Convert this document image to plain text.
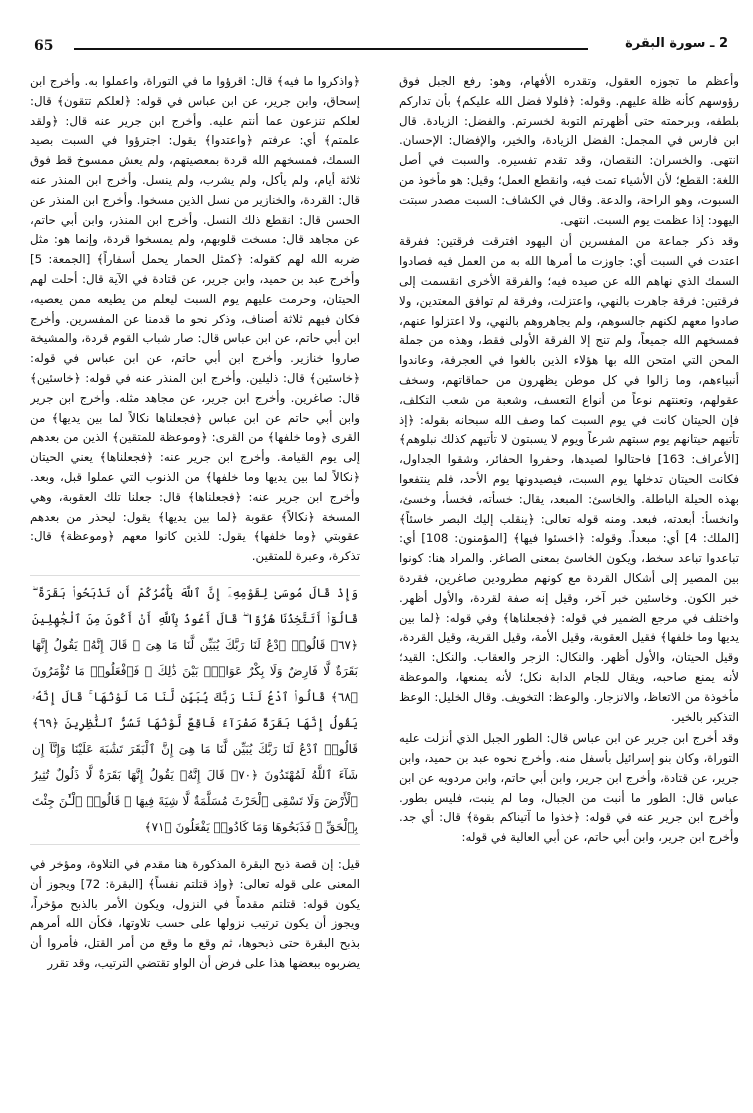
65	2 ـ سورة البقرة

وأعظم ما تجوزه العقول، وتقدره الأفهام، وهو: رفع الجبل فوق رؤوسهم كأنه ظلة عليهم. وقوله: ﴿فلولا فضل الله عليكم﴾ بأن تداركم بلطفه، وبرحمته حتى أظهرتم التوبة لخسرتم. والفضل: الزيادة. قال ابن فارس في المجمل: الفضل الزيادة، والخير، والإفضال: الإحسان. انتهى. والخسران: النقصان، وقد تقدم تفسيره. والسبت في أصل اللغة: القطع؛ لأن الأشياء تمت فيه، وانقطع العمل؛ وقيل: هو مأخوذ من السبوت، وهو الراحة، والدعة. وقال في الكشاف: السبت مصدر سبتت اليهود: إذا عظمت يوم السبت. انتهى.

وقد ذكر جماعة من المفسرين أن اليهود افترقت فرقتين: ففرقة اعتدت في السبت أي: جاوزت ما أمرها الله به من العمل فيه فصادوا السمك الذي نهاهم الله عن صيده فيه؛ والفرقة الأخرى انقسمت إلى فرقتين: فرقة جاهرت بالنهي، واعتزلت، وفرقة لم توافق المعتدين، ولا صادوا معهم لكنهم جالسوهم، ولم يجاهروهم بالنهي، ولا اعتزلوا عنهم، فمسخهم الله جميعاً، ولم تنج إلا الفرقة الأولى فقط، وهذه من جملة المحن التي امتحن الله بها هؤلاء الذين بالغوا في العجرفة، وعاندوا أنبياءهم، وما زالوا في كل موطن يظهرون من حماقاتهم، وسخف عقولهم، وتعنتهم نوعاً من أنواع التعسف، وشعبة من شعب التكلف، فإن الحيتان كانت في يوم السبت كما وصف الله سبحانه بقوله: ﴿إذ تأتيهم حيتانهم يوم سبتهم شرعاً ويوم لا يسبتون لا تأتيهم كذلك نبلوهم﴾ [الأعراف: 163] فاحتالوا لصيدها، وحفروا الحفائر، وشقوا الجداول، فكانت الحيتان تدخلها يوم السبت، فيصيدونها يوم الأحد، فلم ينتفعوا بهذه الحيلة الباطلة. والخاسئ: المبعد، يقال: خسأته، فخسأ، وخسئ، وانخسأ: أبعدته، فبعد. ومنه قوله تعالى: ﴿ينقلب إليك البصر خاسئاً﴾ [الملك: 4] أي: مبعداً. وقوله: ﴿اخسئوا فيها﴾ [المؤمنون: 108] أي: تباعدوا تباعد سخط، ويكون الخاسئ بمعنى الصاغر. والمراد هنا: كونوا بين المصير إلى أشكال القردة مع كونهم مطرودين صاغرين، فقردة خبر الكون. وخاسئين خبر آخر، وقيل إنه صفة لقردة، والأول أظهر. واختلف في مرجع الضمير في قوله: ﴿فجعلناها﴾ وفي قوله: ﴿لما بين يديها وما خلفها﴾ فقيل العقوبة، وقيل الأمة، وقيل القرية، وقيل القردة، وقيل الحيتان، والأول أظهر. والنكال: الزجر والعقاب. والنكل: القيد؛ لأنه يمنع صاحبه، ويقال للجام الدابة نكل؛ لأنه يمنعها، والموعظة مأخوذة من الاتعاظ، والانزجار. والوعظ: التخويف. وقال الخليل: الوعظ التذكير بالخير.

وقد أخرج ابن جرير عن ابن عباس قال: الطور الجبل الذي أنزلت عليه التوراة، وكان بنو إسرائيل بأسفل منه. وأخرج نحوه عبد بن حميد، وابن جرير، عن قتادة، وأخرج ابن جرير، وابن أبي حاتم، وابن مردويه عن ابن عباس قال: الطور ما أنبت من الجبال، وما لم ينبت، فليس بطور. وأخرج ابن جرير عنه في قوله: ﴿خذوا ما آتيناكم بقوة﴾ قال: أي جد. وأخرج ابن جرير، وابن أبي حاتم، عن أبي العالية في قوله:

﴿واذكروا ما فيه﴾ قال: اقرؤوا ما في التوراة، واعملوا به. وأخرج ابن إسحاق، وابن جرير، عن ابن عباس في قوله: ﴿لعلكم تتقون﴾ قال: لعلكم تنزعون عما أنتم عليه. وأخرج ابن جرير عنه قال: ﴿ولقد علمتم﴾ أي: عرفتم ﴿واعتدوا﴾ يقول: اجترؤوا في السبت بصيد السمك، فمسخهم الله قردة بمعصيتهم، ولم يعش ممسوخ قط فوق ثلاثة أيام، ولم يأكل، ولم يشرب، ولم ينسل. وأخرج ابن المنذر عنه قال: القردة، والخنازير من نسل الذين مسخوا. وأخرج ابن المنذر عن الحسن قال: انقطع ذلك النسل. وأخرج ابن المنذر، وابن أبي حاتم، عن مجاهد قال: مسخت قلوبهم، ولم يمسخوا قردة، وإنما هو: مثل ضربه الله لهم كقوله: ﴿كمثل الحمار يحمل أسفاراً﴾ [الجمعة: 5] وأخرج عبد بن حميد، وابن جرير، عن قتادة في الآية قال: أحلت لهم الحيتان، وحرمت عليهم يوم السبت ليعلم من يطيعه ممن يعصيه، فكان فيهم ثلاثة أصناف، وذكر نحو ما قدمنا عن المفسرين. وأخرج ابن أبي حاتم، عن ابن عباس قال: صار شباب القوم قردة، والمشيخة صاروا خنازير. وأخرج ابن أبي حاتم، عن ابن عباس في قوله: ﴿خاسئين﴾ قال: ذليلين. وأخرج ابن المنذر عنه في قوله: ﴿خاسئين﴾ قال: صاغرين. وأخرج ابن جرير، عن مجاهد مثله. وأخرج ابن جرير وابن أبي حاتم عن ابن عباس ﴿فجعلناها نكالاً لما بين يديها﴾ من القرى ﴿وما خلفها﴾ من القرى: ﴿وموعظة للمتقين﴾ الذين من بعدهم إلى يوم القيامة. وأخرج ابن جرير عنه: ﴿فجعلناها﴾ يعني الحيتان ﴿نكالاً لما بين يديها وما خلفها﴾ من الذنوب التي عملوا قبل، وبعد. وأخرج ابن جرير عنه: ﴿فجعلناها﴾ قال: جعلنا تلك العقوبة، وهي المسخة ﴿نكالاً﴾ عقوبة ﴿لما بين يديها﴾ يقول: ليحذر من بعدهم عقوبتي ﴿وما خلفها﴾ يقول: للذين كانوا معهم ﴿وموعظة﴾ قال: تذكرة، وعبرة للمتقين.

وَإِذْ قَالَ مُوسَىٰ لِقَوْمِهِۦٓ إِنَّ ٱللَّهَ يَأْمُرُكُمْ أَن تَذْبَحُوا۟ بَقَرَةً ۖ قَالُوٓا۟ أَتَتَّخِذُنَا هُزُوًا ۖ قَالَ أَعُوذُ بِٱللَّهِ أَنْ أَكُونَ مِنَ ٱلْجَٰهِلِينَ ﴿٦٧﴾ قَالُوا۟ ٱدْعُ لَنَا رَبَّكَ يُبَيِّن لَّنَا مَا هِىَ ۚ قَالَ إِنَّهُۥ يَقُولُ إِنَّهَا بَقَرَةٌ لَّا فَارِضٌ وَلَا بِكْرٌ عَوَانٌۢ بَيْنَ ذَٰلِكَ ۖ فَٱفْعَلُوا۟ مَا تُؤْمَرُونَ ﴿٦٨﴾ قَالُوا۟ ٱدْعُ لَنَا رَبَّكَ يُبَيِّن لَّنَا مَا لَوْنُهَا ۚ قَالَ إِنَّهُۥ يَقُولُ إِنَّهَا بَقَرَةٌ صَفْرَآءُ فَاقِعٌ لَّوْنُهَا تَسُرُّ ٱلنَّٰظِرِينَ ﴿٦٩﴾ قَالُوا۟ ٱدْعُ لَنَا رَبَّكَ يُبَيِّن لَّنَا مَا هِىَ إِنَّ ٱلْبَقَرَ تَشَٰبَهَ عَلَيْنَا وَإِنَّآ إِن شَآءَ ٱللَّهُ لَمُهْتَدُونَ ﴿٧٠﴾ قَالَ إِنَّهُۥ يَقُولُ إِنَّهَا بَقَرَةٌ لَّا ذَلُولٌ تُثِيرُ ٱلْأَرْضَ وَلَا تَسْقِى ٱلْحَرْثَ مُسَلَّمَةٌ لَّا شِيَةَ فِيهَا ۚ قَالُوا۟ ٱلْـَٰٔنَ جِئْتَ بِٱلْحَقِّ ۚ فَذَبَحُوهَا وَمَا كَادُوا۟ يَفْعَلُونَ ﴿٧١﴾

قيل: إن قصة ذبح البقرة المذكورة هنا مقدم في التلاوة، ومؤخر في المعنى على قوله تعالى: ﴿وإذ قتلتم نفساً﴾ [البقرة: 72] ويجوز أن يكون قوله: قتلتم مقدماً في النزول، ويكون الأمر بالذبح مؤخراً، ويجوز أن يكون ترتيب نزولها على حسب تلاوتها، فكأن الله أمرهم بذبح البقرة حتى ذبحوها، ثم وقع ما وقع من أمر القتل، فأمروا أن يضربوه ببعضها هذا على فرض أن الواو تقتضي الترتيب، وقد تقرر
